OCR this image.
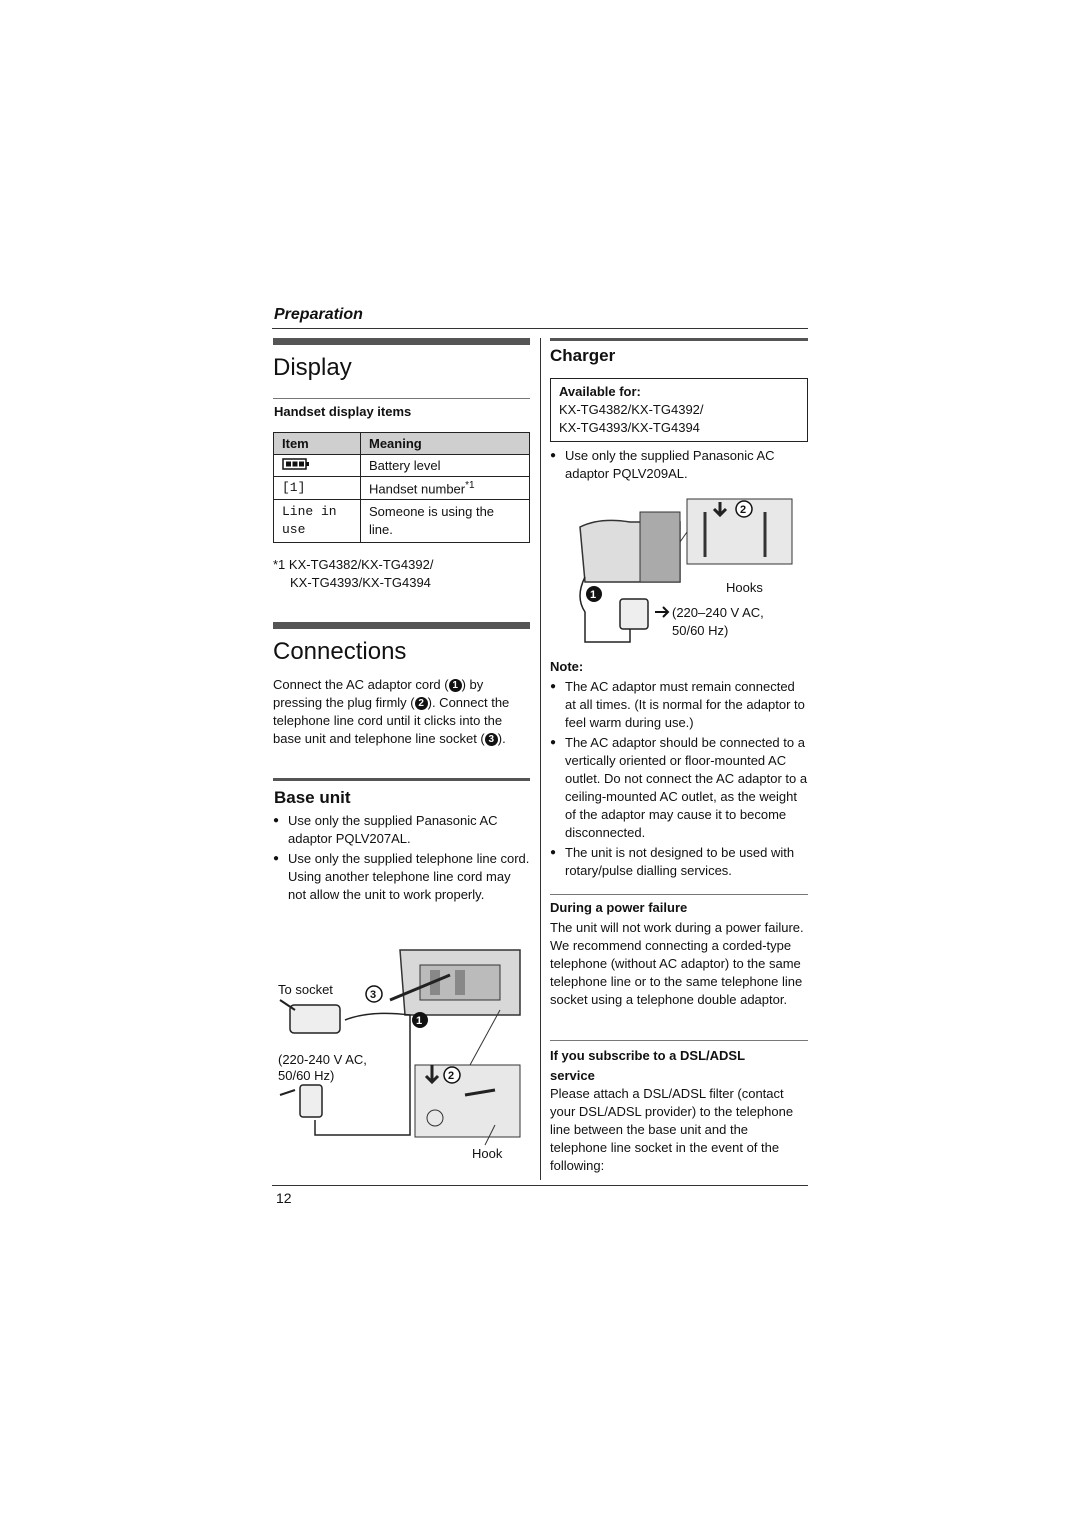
Preparation
Display
Handset display items
Item	Meaning
	Battery level
[1]	Handset number$^{*1}$
Line in use	Someone is using the line.
*1 KX-TG4382/KX-TG4392/
KX-TG4393/KX-TG4394
Connections
Connect the AC adaptor cord ( 1 ) by pressing the plug firmly ( 2 ). Connect the telephone line cord until it clicks into the base unit and telephone line socket ( 3 ).
Base unit
● Use only the supplied Panasonic AC adaptor PQLV207AL.
● Use only the supplied telephone line cord. Using another telephone line cord may not allow the unit to work properly.
3
1
2
To socket
(220-240 V AC,
50/60 Hz)
Hook
Charger
Available for:
KX-TG4382/KX-TG4392/
KX-TG4393/KX-TG4394
● Use only the supplied Panasonic AC adaptor PQLV209AL.
2
1	Hooks
(220–240 V AC,
50/60 Hz)
Note:
● The AC adaptor must remain connected at all times. (It is normal for the adaptor to feel warm during use.)
● The AC adaptor should be connected to a vertically oriented or floor-mounted AC outlet. Do not connect the AC adaptor to a ceiling-mounted AC outlet, as the weight of the adaptor may cause it to become disconnected.
● The unit is not designed to be used with rotary/pulse dialling services.
During a power failure
The unit will not work during a power failure. We recommend connecting a corded-type telephone (without AC adaptor) to the same telephone line or to the same telephone line socket using a telephone double adaptor.
If you subscribe to a DSL/ADSL service
Please attach a DSL/ADSL filter (contact your DSL/ADSL provider) to the telephone line between the base unit and the telephone line socket in the event of the following:
12
